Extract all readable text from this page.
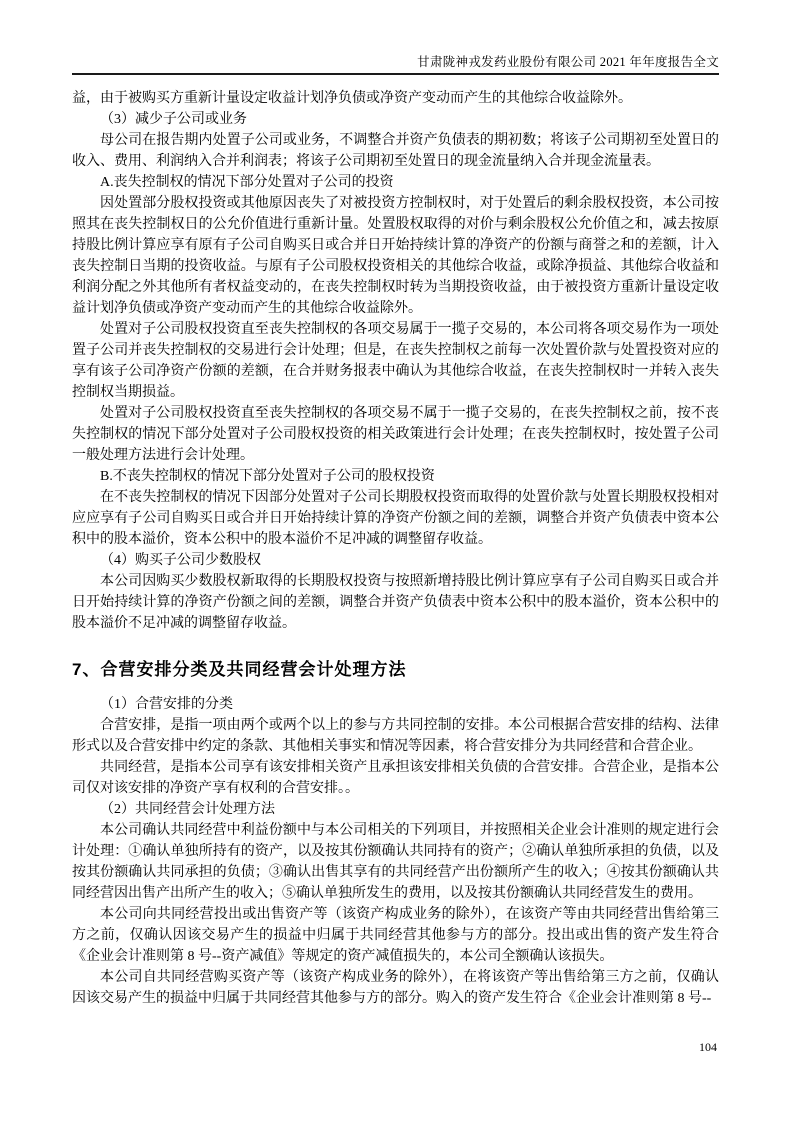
甘肃陇神戎发药业股份有限公司 2021 年年度报告全文

益，由于被购买方重新计量设定收益计划净负债或净资产变动而产生的其他综合收益除外。

（3）减少子公司或业务

母公司在报告期内处置子公司或业务，不调整合并资产负债表的期初数；将该子公司期初至处置日的收入、费用、利润纳入合并利润表；将该子公司期初至处置日的现金流量纳入合并现金流量表。

A.丧失控制权的情况下部分处置对子公司的投资

因处置部分股权投资或其他原因丧失了对被投资方控制权时，对于处置后的剩余股权投资，本公司按照其在丧失控制权日的公允价值进行重新计量。处置股权取得的对价与剩余股权公允价值之和，减去按原持股比例计算应享有原有子公司自购买日或合并日开始持续计算的净资产的份额与商誉之和的差额，计入丧失控制日当期的投资收益。与原有子公司股权投资相关的其他综合收益，或除净损益、其他综合收益和利润分配之外其他所有者权益变动的，在丧失控制权时转为当期投资收益，由于被投资方重新计量设定收益计划净负债或净资产变动而产生的其他综合收益除外。

处置对子公司股权投资直至丧失控制权的各项交易属于一揽子交易的，本公司将各项交易作为一项处置子公司并丧失控制权的交易进行会计处理；但是，在丧失控制权之前每一次处置价款与处置投资对应的享有该子公司净资产份额的差额，在合并财务报表中确认为其他综合收益，在丧失控制权时一并转入丧失控制权当期损益。

处置对子公司股权投资直至丧失控制权的各项交易不属于一揽子交易的，在丧失控制权之前，按不丧失控制权的情况下部分处置对子公司股权投资的相关政策进行会计处理；在丧失控制权时，按处置子公司一般处理方法进行会计处理。

B.不丧失控制权的情况下部分处置对子公司的股权投资

在不丧失控制权的情况下因部分处置对子公司长期股权投资而取得的处置价款与处置长期股权投相对应应享有子公司自购买日或合并日开始持续计算的净资产份额之间的差额，调整合并资产负债表中资本公积中的股本溢价，资本公积中的股本溢价不足冲减的调整留存收益。

（4）购买子公司少数股权

本公司因购买少数股权新取得的长期股权投资与按照新增持股比例计算应享有子公司自购买日或合并日开始持续计算的净资产份额之间的差额，调整合并资产负债表中资本公积中的股本溢价，资本公积中的股本溢价不足冲减的调整留存收益。

7、合营安排分类及共同经营会计处理方法

（1）合营安排的分类

合营安排，是指一项由两个或两个以上的参与方共同控制的安排。本公司根据合营安排的结构、法律形式以及合营安排中约定的条款、其他相关事实和情况等因素，将合营安排分为共同经营和合营企业。

共同经营，是指本公司享有该安排相关资产且承担该安排相关负债的合营安排。合营企业，是指本公司仅对该安排的净资产享有权利的合营安排。。

（2）共同经营会计处理方法

本公司确认共同经营中利益份额中与本公司相关的下列项目，并按照相关企业会计准则的规定进行会计处理：①确认单独所持有的资产，以及按其份额确认共同持有的资产；②确认单独所承担的负债，以及按其份额确认共同承担的负债；③确认出售其享有的共同经营产出份额所产生的收入；④按其份额确认共同经营因出售产出所产生的收入；⑤确认单独所发生的费用，以及按其份额确认共同经营发生的费用。

本公司向共同经营投出或出售资产等（该资产构成业务的除外），在该资产等由共同经营出售给第三方之前，仅确认因该交易产生的损益中归属于共同经营其他参与方的部分。投出或出售的资产发生符合《企业会计准则第 8 号--资产减值》等规定的资产减值损失的，本公司全额确认该损失。

本公司自共同经营购买资产等（该资产构成业务的除外），在将该资产等出售给第三方之前，仅确认因该交易产生的损益中归属于共同经营其他参与方的部分。购入的资产发生符合《企业会计准则第 8 号--

104
